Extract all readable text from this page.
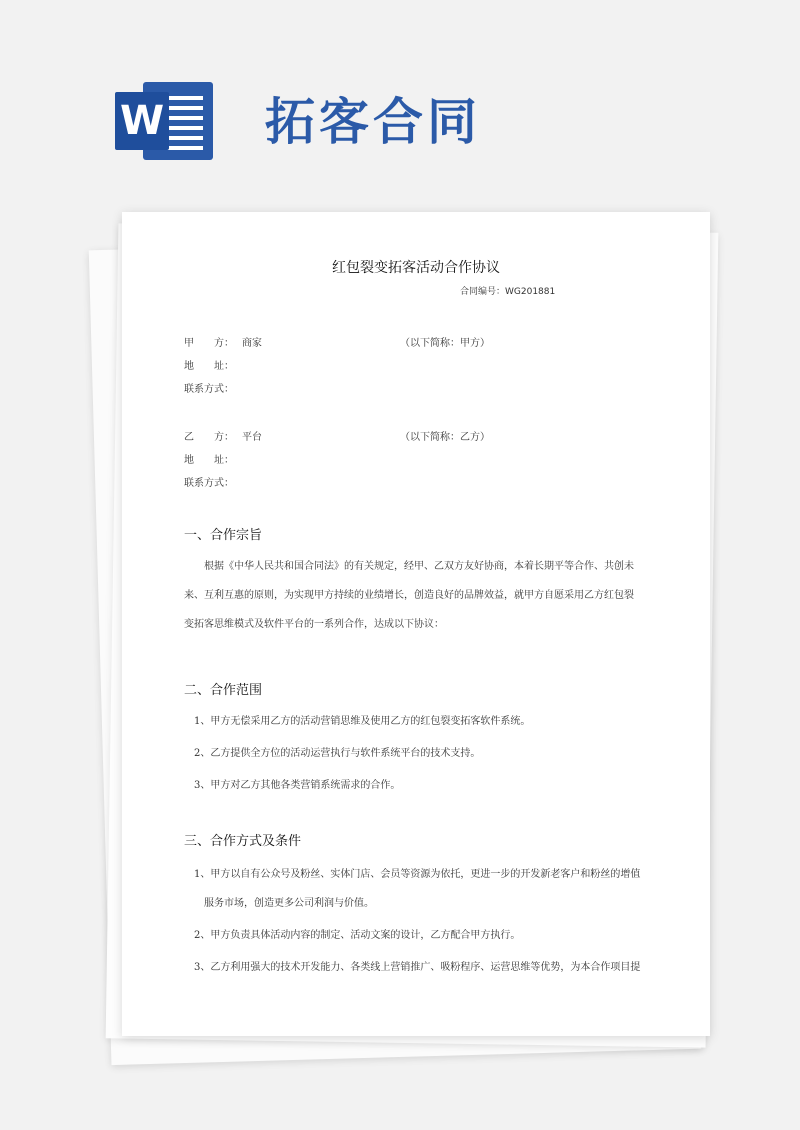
W 拓客合同
红包裂变拓客活动合作协议
合同编号：WG201881
甲　　方： 商家	（以下简称：甲方）
地　　址：
联系方式：
乙　　方： 平台	（以下简称：乙方）
地　　址：
联系方式：
一、合作宗旨
根据《中华人民共和国合同法》的有关规定，经甲、乙双方友好协商，本着长期平等合作、共创未
来、互利互惠的原则，为实现甲方持续的业绩增长，创造良好的品牌效益，就甲方自愿采用乙方红包裂
变拓客思维模式及软件平台的一系列合作，达成以下协议：
二、合作范围
1、甲方无偿采用乙方的活动营销思维及使用乙方的红包裂变拓客软件系统。
2、乙方提供全方位的活动运营执行与软件系统平台的技术支持。
3、甲方对乙方其他各类营销系统需求的合作。
三、合作方式及条件
1、甲方以自有公众号及粉丝、实体门店、会员等资源为依托，更进一步的开发新老客户和粉丝的增值
服务市场，创造更多公司利润与价值。
2、甲方负责具体活动内容的制定、活动文案的设计，乙方配合甲方执行。
3、乙方利用强大的技术开发能力、各类线上营销推广、吸粉程序、运营思维等优势，为本合作项目提
